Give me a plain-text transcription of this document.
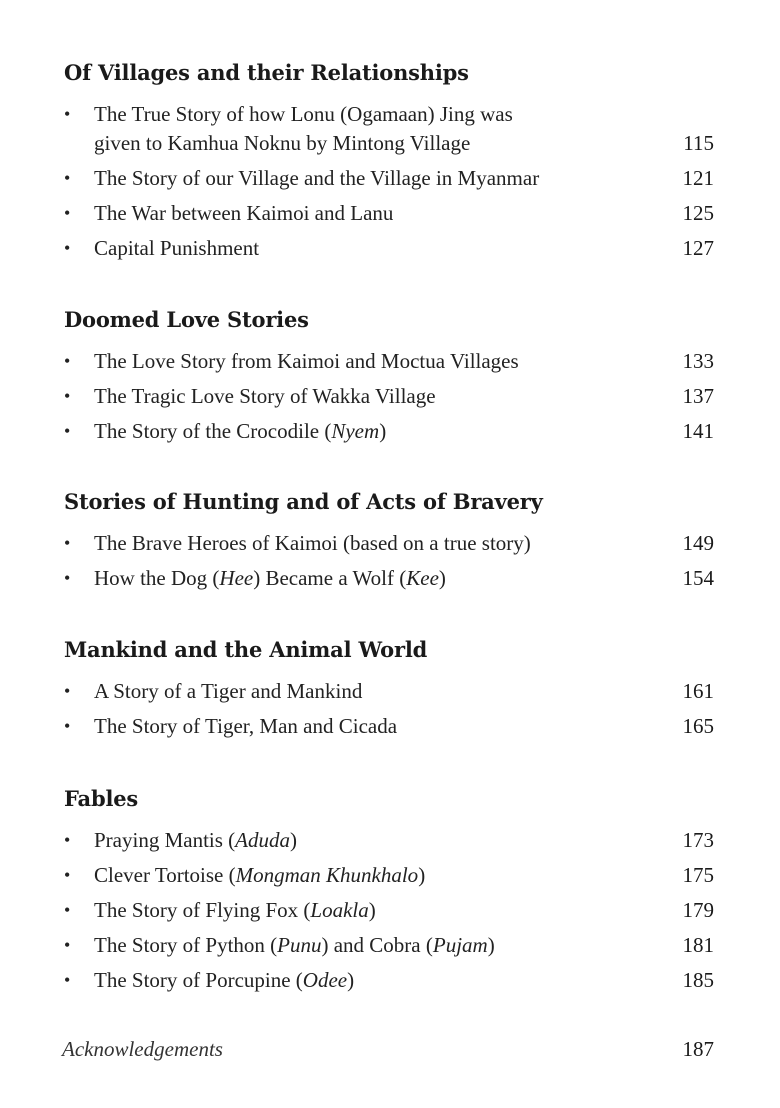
Of Villages and their Relationships
•	The True Story of how Lonu (Ogamaan) Jing was
given to Kamhua Noknu by Mintong Village	115
•	The Story of our Village and the Village in Myanmar	121
•	The War between Kaimoi and Lanu	125
•	Capital Punishment	127
Doomed Love Stories
•	The Love Story from Kaimoi and Moctua Villages	133
•	The Tragic Love Story of Wakka Village	137
•	The Story of the Crocodile (Nyem)	141
Stories of Hunting and of Acts of Bravery
•	The Brave Heroes of Kaimoi (based on a true story)	149
•	How the Dog (Hee) Became a Wolf (Kee)	154
Mankind and the Animal World
•	A Story of a Tiger and Mankind	161
•	The Story of Tiger, Man and Cicada	165
Fables
•	Praying Mantis (Aduda)	173
•	Clever Tortoise (Mongman Khunkhalo)	175
•	The Story of Flying Fox (Loakla)	179
•	The Story of Python (Punu) and Cobra (Pujam)	181
•	The Story of Porcupine (Odee)	185
Acknowledgements	187
